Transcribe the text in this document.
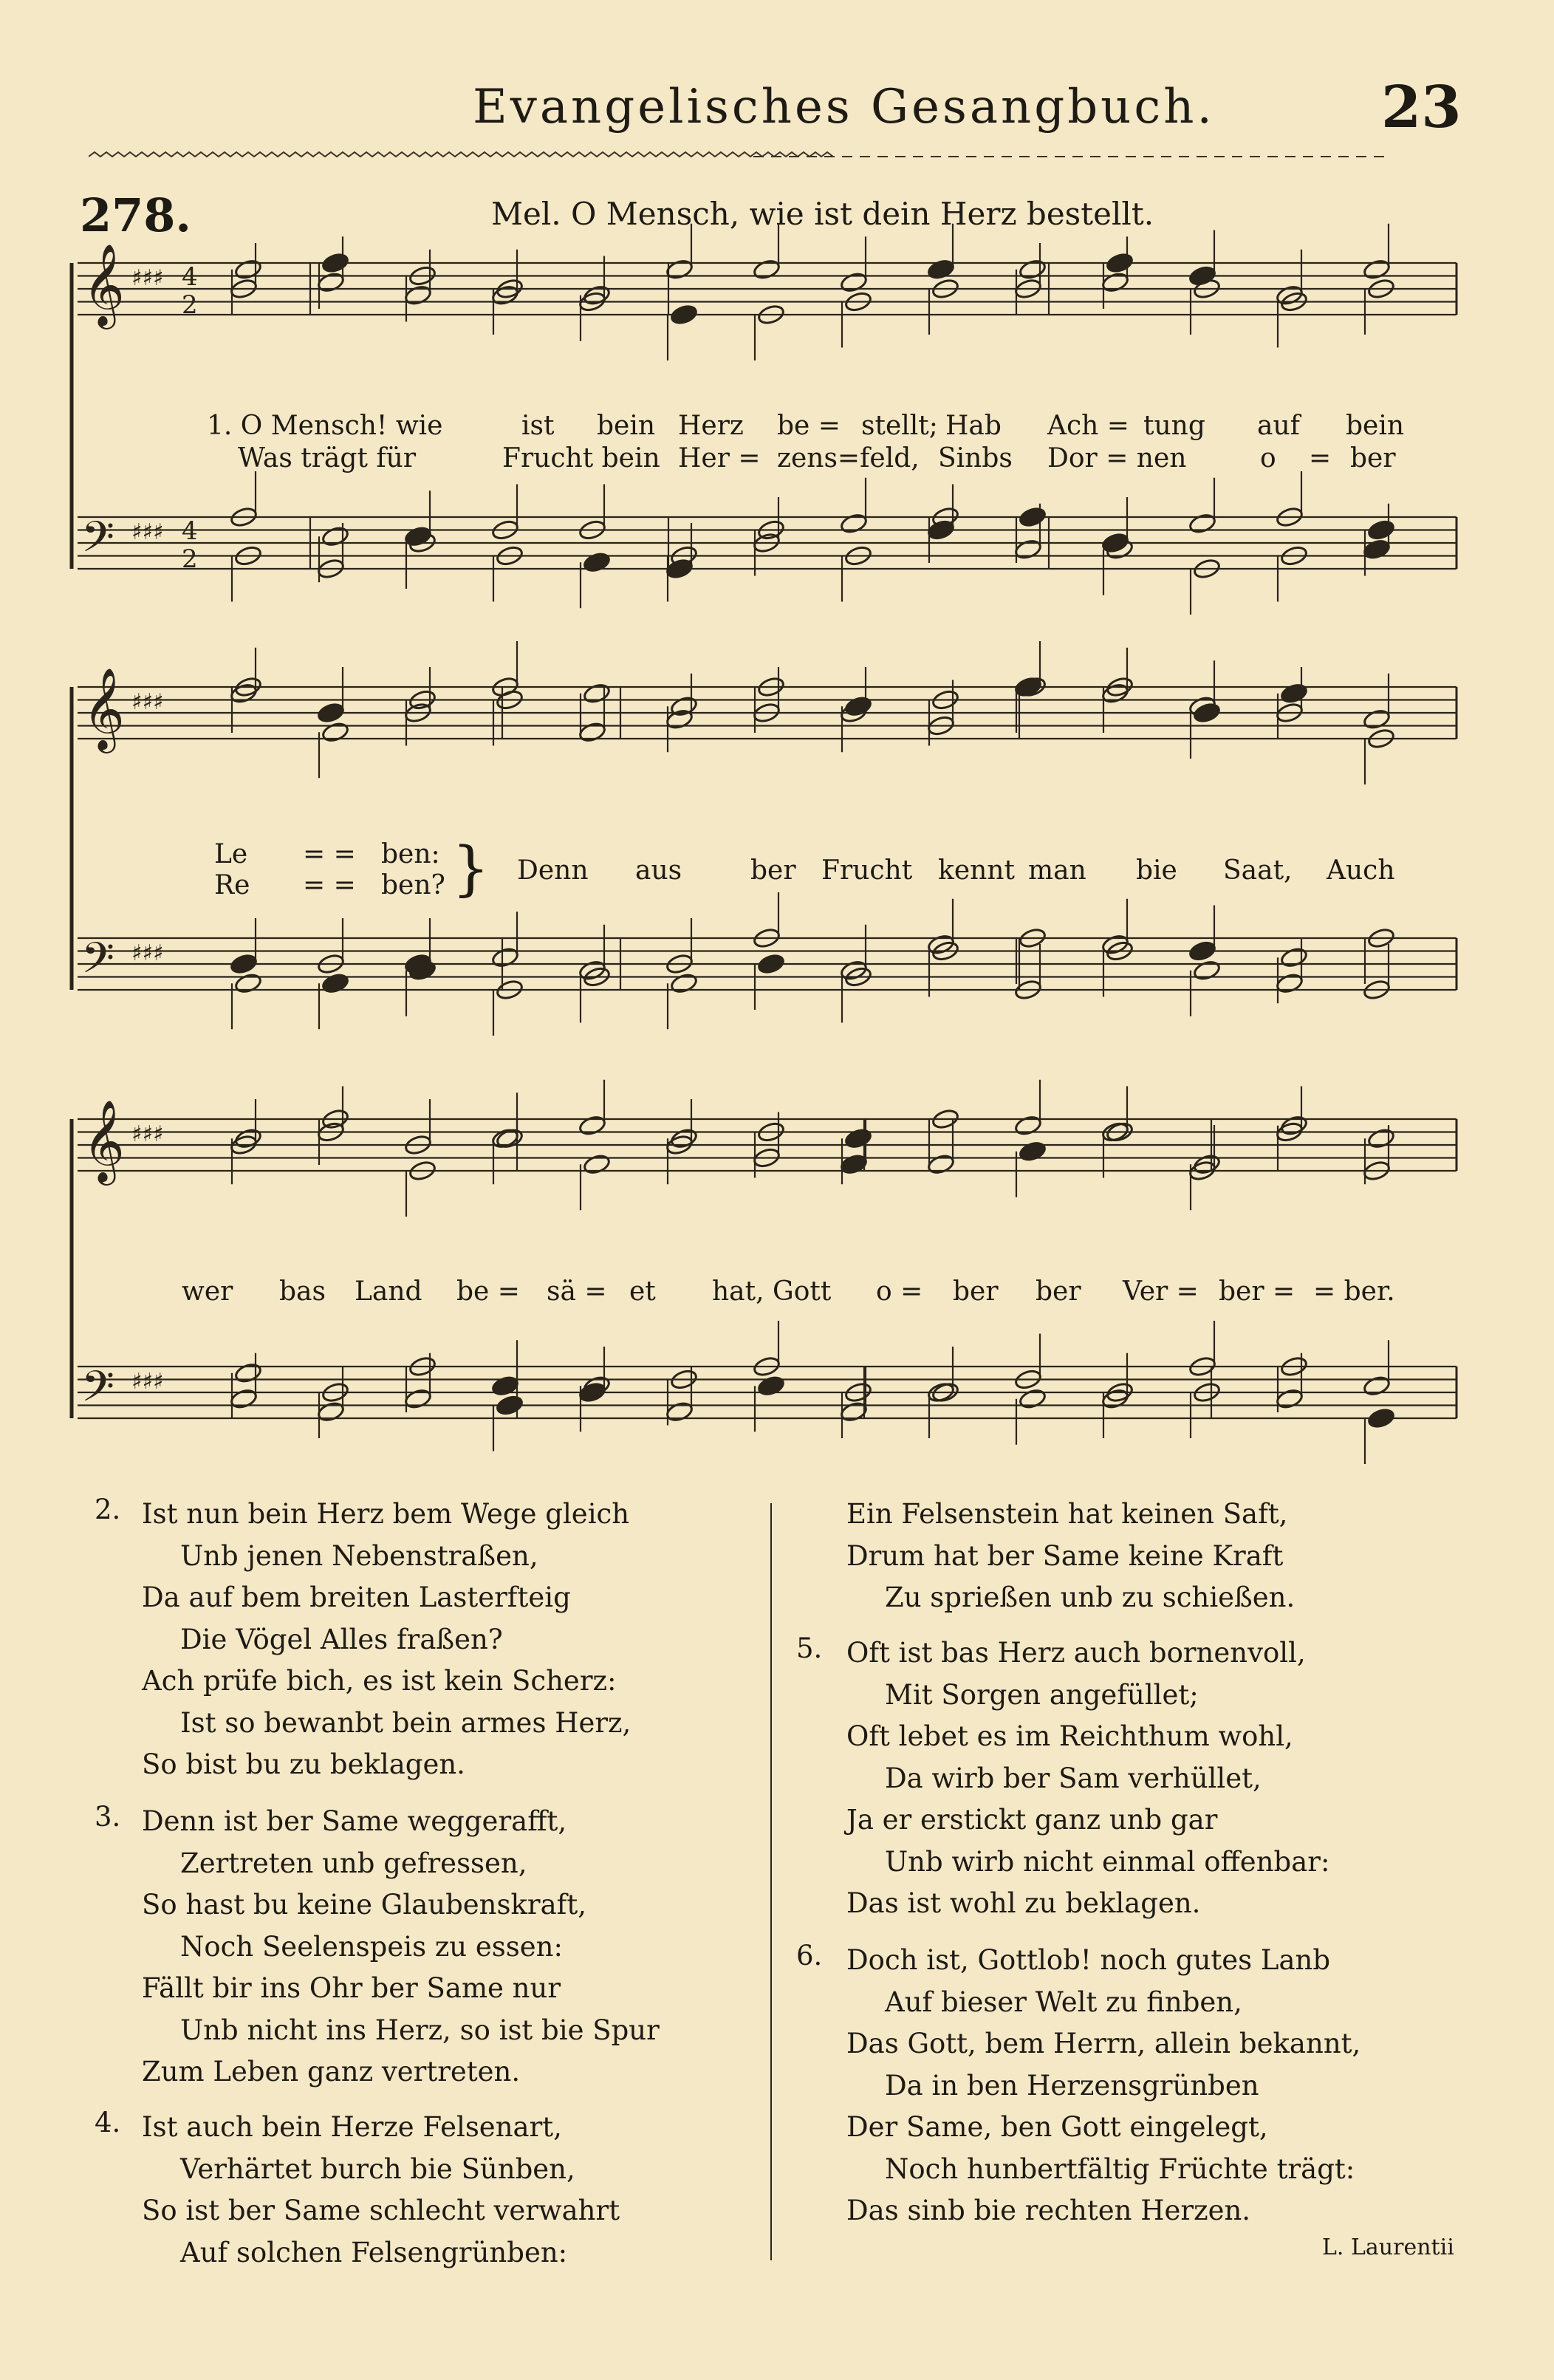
Evangelisches Gesangbuch.	23
278.	Mel. O Mensch, wie ist dein Herz bestellt.
𝄞
𝄞
𝄞
𝄢
𝄢
𝄢
♯♯♯
♯♯♯
♯♯♯
♯♯♯
♯♯♯
♯♯♯
4
2
4
2
1. O Mensch! wie	ist bein Herz be = stellt; Hab Ach = tung auf bein
Was trägt für	Frucht bein Her = zens=feld, Sinbs Dor = nen	o = ber
Le = = ben:
Re = = ben? } Denn aus	ber Frucht kennt man bie Saat, Auch
wer bas Land be = sä = et hat, Gott o = ber ber Ver = ber = = ber.
2. Ist nun bein Herz bem Wege gleich
Unb jenen Nebenstraßen,
Da auf bem breiten Lasterfteig
Die Vögel Alles fraßen?
Ach prüfe bich, es ist kein Scherz:
Ist so bewanbt bein armes Herz,
So bist bu zu beklagen.
3. Denn ist ber Same weggerafft,
Zertreten unb gefressen,
So hast bu keine Glaubenskraft,
Noch Seelenspeis zu essen:
Fällt bir ins Ohr ber Same nur
Unb nicht ins Herz, so ist bie Spur
Zum Leben ganz vertreten.
4. Ist auch bein Herze Felsenart,
Verhärtet burch bie Sünben,
So ist ber Same schlecht verwahrt
Auf solchen Felsengrünben:
Ein Felsenstein hat keinen Saft,
Drum hat ber Same keine Kraft
Zu sprießen unb zu schießen.
5. Oft ist bas Herz auch bornenvoll,
Mit Sorgen angefüllet;
Oft lebet es im Reichthum wohl,
Da wirb ber Sam verhüllet,
Ja er erstickt ganz unb gar
Unb wirb nicht einmal offenbar:
Das ist wohl zu beklagen.
6. Doch ist, Gottlob! noch gutes Lanb
Auf bieser Welt zu finben,
Das Gott, bem Herrn, allein bekannt,
Da in ben Herzensgrünben
Der Same, ben Gott eingelegt,
Noch hunbertfältig Früchte trägt:
Das sinb bie rechten Herzen.
L. Laurentii
